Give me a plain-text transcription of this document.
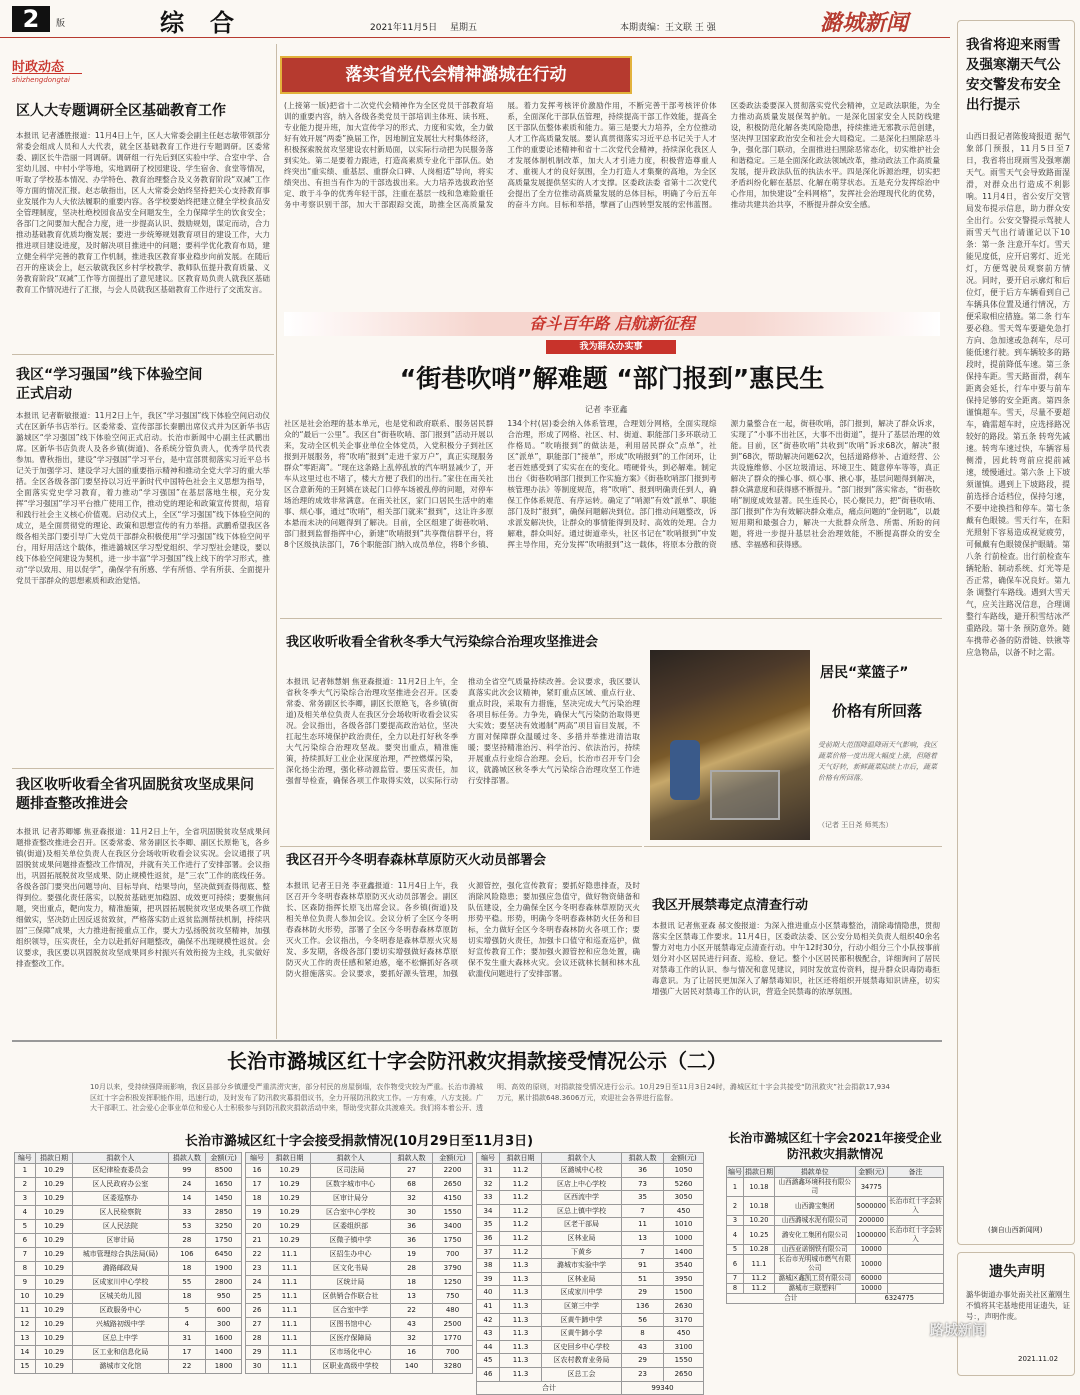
2	版	综合	2021年11月5日 星期五	本期责编：王文联 王 强	潞城新闻
时政动态
shizhengdongtai
区人大专题调研全区基础教育工作
本报讯 记者潘胜报道：11月4日上午，区人大常委会副主任赵志敏带领部分常委会组成人员和人大代表，就全区基础教育工作进行专题调研。区委常委、副区长牛浩丽一同调研。调研组一行先后到区实验中学、合室中学、合室幼儿园、中村小学等地，实地调研了校园建设、学生宿舍、食堂等情况，听取了学校基本情况、办学特色、教育治理整合及义务教育阶段“双减”工作等方面的情况汇报。赵志敏指出，区人大常委会始终坚持把关心支持教育事业发展作为人大依法履职的重要内容。各学校要始终把建立健全学校食品安全管理制度，坚决杜绝校园食品安全问题发生，全力保障学生的饮食安全；各部门之间要加大配合力度，进一步提高认识、鼓励规划，谋定而动，合力推动基础教育优质均衡发展；要进一步统筹规划教育项目的建设工作，大力推进项目建设进度，及时解决项目推进中的问题；要科学优化教育布局，建立健全科学完善的教育工作机制，推进我区教育事业稳步向前发展。在随后召开的座谈会上，赵云敏就我区乡村学校教学、教师队伍提升教育质量、义务教育阶段“双减”工作等方面提出了意见建议。区教育局负责人就我区基础教育工作情况进行了汇报，与会人员就我区基础教育工作进行了交流发言。
我区“学习强国”线下体验空间正式启动
本报讯 记者靳敏报道：11月2日上午，我区“学习强国”线下体验空间启动仪式在区新华书店举行。区委常委、宣传部部长秦鹏出席仪式并为区新华书店潞城区“学习强国”线下体验空间正式启动。长治市新闻中心副主任武鹏出席。区新华书店负责人及各乡镇(街道)、各系统分管负责人，优秀学员代表参加。曹秋指出，建设“学习强国”学习平台，是中宣部贯彻落实习近平总书记关于加强学习、建设学习大国的重要指示精神和推动全党大学习的重大举措。全区各级各部门要坚持以习近平新时代中国特色社会主义思想为指导，全面落实党史学习教育，着力推动“学习强国”在基层落地生根，充分发挥“学习强国”学习平台推广使用工作，推动党的理论和政策宣传贯彻，培育和践行社会主义核心价值观。启动仪式上，全区“学习强国”线下体验空间的成立，是全面贯彻党的理论、政策和思想宣传的有力举措。武鹏希望我区各级各相关部门要引导广大党员干部群众积极使用“学习强国”线下体验空间平台，用好用活这个载体，推进潞城区学习型党组织、学习型社会建设，要以线下体验空间建设为契机，进一步丰富“学习强国”线上线下的学习形式，推动“学以致用、用以促学”，确保学有所感、学有所悟、学有所获、全面提升党员干部群众的思想素质和政治觉悟。
我区收听收看全省巩固脱贫攻坚成果问题排查整改推进会
本报讯 记者苏卿娜 焦亚森报道：11月2日上午，全省巩固脱贫攻坚成果问题排查整改推进会召开。区委常委、常务副区长李卿、副区长原艳飞，各乡镇(街道)及相关单位负责人在我区分会场收听收看会议实况。会议通报了巩固脱贫成果问题排查整改工作情况，并就有关工作进行了安排部署。会议指出，巩固拓展脱贫攻坚成果、防止规模性返贫，是“三农”工作的底线任务。各级各部门要突出问题导向、目标导向、结果导向，坚决做到查得彻底、整得到位。要强化责任落实，以脱贫基础更加稳固、成效更可持续；要聚焦问题，突出重点，靶向发力，精准施策，把巩固拓展脱贫攻坚成果各项工作做细做实，坚决防止因反返贫致贫，严格落实防止返贫监测帮扶机制，持续巩固“三保障”成果，大力推进衔接重点工作，要大力弘扬脱贫攻坚精神，加强组织领导，压实责任，全力以赴抓好问题整改，确保不出现规模性返贫。会议要求，我区要以巩固脱贫攻坚成果同乡村振兴有效衔接为主线，扎实做好排查整改工作。
落实省党代会精神潞城在行动
(上接第一版)把省十二次党代会精神作为全区党员干部教育培训的重要内容，纳入各级各类党员干部培训主体班、读书班、专业能力提升班，加大宣传学习的形式、力度和实效，全力做好有效开展“两委”换届工作，因地制宜发展壮大村集体经济，积极探索脱贫攻坚建设农村新局面，以实际行动把为民服务落到实处。第二是要着力跟进，打造高素质专业化干部队伍。始终突出“重实绩、重基层、重群众口碑、人岗相适”导向，将实绩突出、有担当有作为的干部选拔出来。大力培养选拔政治坚定、敢于斗争的优秀年轻干部，注重在基层一线和急难险重任务中考察识别干部，加大干部跟踪交流，助推全区高质量发展。着力发挥考核评价激励作用，不断完善干部考核评价体系，全面深化干部队伍管理，持续提高干部工作效能，提高全区干部队伍整体素质和能力。第三是要大力培养，全方位推动人才工作高质量发展。要认真贯彻落实习近平总书记关于人才工作的重要论述精神和省十二次党代会精神，持续深化我区人才发展体制机制改革，加大人才引进力度，积极营造尊重人才、重视人才的良好氛围，全力打造人才集聚的高地，为全区高质量发展提供坚实的人才支撑。区委政法委 省第十二次党代会提出了全方位推动高质量发展的总体目标，明确了今后五年的奋斗方向。目标和举措，擘画了山西转型发展的宏伟蓝图。区委政法委要深入贯彻落实党代会精神，立足政法职能，为全力推动高质量发展保驾护航。一是深化国家安全人民防线建设，积极防范化解各类风险隐患，持续推进无邪教示范创建，坚决捍卫国家政治安全和社会大局稳定。二是深化扫黑除恶斗争，强化部门联动，全面推进扫黑除恶常态化，切实维护社会和谐稳定。三是全面深化政法领域改革，推动政法工作高质量发展，提升政法队伍的执法水平。四是深化诉源治理，切实把矛盾纠纷化解在基层、化解在萌芽状态。五是充分发挥综治中心作用，加快建设“全科网格”，发挥社会治理现代化的优势，推动共建共治共享，不断提升群众安全感。
奋斗百年路 启航新征程
我为群众办实事
“街巷吹哨”解难题 “部门报到”惠民生
记者 李亚鑫
社区是社会治理的基本单元，也是党和政府联系、服务居民群众的“最后一公里”。我区自“街巷吹哨、部门报到”活动开展以来，发动全区机关企事业单位全体党员，入党积极分子到社区报到开展服务，将“吹哨”报到“走进千家万户”，真正实现服务群众“零距离”。“现在这条路上乱停乱放的汽车明显减少了，开车从这里过也不堵了，楼大方便了我们的出行。”家住在南关社区合意新苑的王阿姨在谈起门口停车场被乱停的问题，对停车场治理的成效非常满意。在南关社区，家门口居民生活中的难事、烦心事，通过“吹哨”，相关部门就来“报到”，这让许多原本悬而未决的问题得到了解决。目前，全区组建了街巷吹哨、部门报到监督指挥中心，新建“吹哨报到”共享微信群平台，将8个区级执法部门，76个职能部门纳入成员单位，将8个乡镇、134个村(居)委会纳入体系管理，合理划分网格，全面实现综合治理，形成了网格、社区、村、街道、职能部门多环联动工作格局。“吹哨报到”的做法是，利用居民群众“点单”，社区“派单”，职能部门“接单”，形成“吹哨报到”的工作闭环，让老百姓感受到了实实在在的变化。啃硬骨头，到必解难。制定出台《街巷吹哨部门报到工作实施方案》《街巷吹哨部门报到考核管理办法》等制度规范，将“吹哨”、报到明确责任到人，确保工作体系规范、有序运转。确定了“哨源”有效“派单”、职能部门及时“报到”，确保问题解决到位。部门推动问题整改，诉求派发解决快，让群众的事情能得到及时、高效的处理。合力解难，群众叫好。通过街道牵头，社区书记在“吹哨报到”中发挥主导作用，充分发挥“吹哨报到”这一载体，将原本分散的资源力量整合在一起，街巷吹哨，部门报到，解决了群众诉求，实现了“小事不出社区，大事不出街道”，提升了基层治理的效能。目前，区“街巷吹哨”共收到“吹哨”诉求68次，解决“报到”68次，帮助解决问题62次，包括道路修补、占道经营、公共设施维修、小区垃圾清运、环境卫生、随意停车等等，真正解决了群众的操心事、烦心事、揪心事，基层问题得到解决，群众满意度和获得感不断提升。“部门报到”落实常态，“街巷吹哨”制度成效显著。民生连民心，民心聚民力，把“街巷吹哨、部门报到”作为有效解决群众难点，痛点问题的“金钥匙”，以最短用期和最强合力，解决一大批群众所急、所需、所盼的问题，将进一步提升基层社会治理效能，不断提高群众的安全感、幸福感和获得感。
我区收听收看全省秋冬季大气污染综合治理攻坚推进会
本报讯 记者韩慧娟 焦亚森报道：11月2日上午，全省秋冬季大气污染综合治理攻坚推进会召开。区委常委、常务副区长李卿，副区长原艳飞，各乡镇(街道)及相关单位负责人在我区分会场收听收看会议实况。会议指出，各级各部门要提高政治站位，坚决扛起生态环境保护政治责任，全力以赴打好秋冬季大气污染综合治理攻坚战。要突出重点，精准施策，持续抓好工业企业深度治理，严控燃煤污染，深化扬尘治理，强化移动源监管。要压实责任，加强督导检查，确保各项工作取得实效，以实际行动推动全省空气质量持续改善。会议要求，我区要认真落实此次会议精神，紧盯重点区域、重点行业、重点时段，采取有力措施，坚决完成大气污染治理各项目标任务。力争先，确保大气污染防治取得更大实效；要坚决有效遏制“两高”项目盲目发展，不方面对保障群众温暖过冬、多措并举推进清洁取暖；要坚持精准治污、科学治污、依法治污，持续开展重点行业综合治理。会后，长治市召开专门会议，就潞城区秋冬季大气污染综合治理攻坚工作进行安排部署。
我区召开今冬明春森林草原防灭火动员部署会
本报讯 记者王日尧 李亚鑫报道：11月4日上午，我区召开今冬明春森林草原防灭火动员部署会。副区长、区森防指挥长原飞出席会议。各乡镇(街道)及相关单位负责人参加会议。会议分析了全区今冬明春森林防火形势，部署了全区今冬明春森林草原防灭火工作。会议指出，今冬明春是森林草原火灾易发、多发期，各级各部门要切实增强做好森林草原防灭火工作的责任感和紧迫感，毫不松懈抓好各项防火措施落实。会议要求，要抓好源头管理，加强火源管控，强化宣传教育；要抓好隐患排查，及时消除风险隐患；要加强应急值守，做好物资储备和队伍建设，全力确保全区今冬明春森林草原防灭火形势平稳。形势，明确今冬明春森林防火任务和目标，全力做好全区今冬明春森林防火各项工作；要切实增强防火责任，加强卡口值守和巡查巡护，做好宣传教育工作；要加强火源管控和应急处置，确保不发生重大森林火灾。会议还就林长制和林木乱砍滥伐问题进行了安排部署。
居民“菜篮子”
价格有所回落
受前期大范围降温降雨天气影响，我区蔬菜价格一度出现大幅度上涨，但随着天气好转，新鲜蔬菜陆续上市后，蔬菜价格有所回落。
（记者 王日尧 师英杰）
我区开展禁毒定点清查行动
本报讯 记者焦亚森 郝文俊报道：为深入推进重点小区禁毒整治，清除毒情隐患，贯彻落实全区禁毒工作要求。11月4日，区委政法委、区公安分局相关负责人组织40余名警力对电力小区开展禁毒定点清查行动。中午12时30分，行动小组分三个小队按事前划分对小区居民进行问查、巡检、登记。整个小区居民都积极配合，详细询问了居民对禁毒工作的认识、参与情况和意见建议，同时发放宣传资料，提升群众识毒防毒拒毒意识。为了让居民更加深入了解禁毒知识，社区还将组织开展禁毒知识讲座，切实增强广大居民对禁毒工作的认识，营造全民禁毒的浓厚氛围。
长治市潞城区红十字会防汛救灾捐款接受情况公示（二）
10月以来，受持续强降雨影响，我区县部分乡镇遭受严重洪涝灾害，部分村民的房屋倒塌，农作物受灾较为严重。长治市潞城区红十字会积极发挥职能作用，迅速行动，及时发布了防汛救灾募捐倡议书，全力开展防汛救灾工作。一方有难，八方支援。广大干部职工、社会爱心企事业单位和爱心人士积极参与到防汛救灾捐款活动中来，帮助受灾群众共渡难关。我们将本着公开、透明、高效的原则，对捐款接受情况进行公示。10月29日至11月3日24时，潞城区红十字会共接受“防汛救灾”社会捐款17,934万元，累计捐款648.3606万元，欢迎社会各界进行监督。
长治市潞城区红十字会接受捐款情况(10月29日至11月3日)
编号	捐款日期	捐款个人	捐款人数	金额(元)
1	10.29	区纪律检查委员会	99	8500
2	10.29	区人民政府办公室	24	1650
3	10.29	区委巡察办	14	1450
4	10.29	区人民检察院	33	2850
5	10.29	区人民法院	53	3250
6	10.29	区审计局	28	1750
7	10.29	城市管理综合执法局(局)	106	6450
8	10.29	潞路邮政局	18	1900
9	10.29	区成家川中心学校	55	2800
10	10.29	区城关幼儿园	18	950
11	10.29	区政服务中心	5	600
12	10.29	兴城路初级中学	4	300
13	10.29	区总上中学	31	1600
14	10.29	区工业和信息化局	17	1400
15	10.29	潞城市文化馆	22	1800
编号	捐款日期	捐款个人	捐款人数	金额(元)
16	10.29	区司法局	27	2200
17	10.29	区数字城市中心	68	2650
18	10.29	区审计局分	32	4150
19	10.29	区合室中心学校	30	1550
20	10.29	区委组织部	36	3400
21	10.29	区微子镇中学	36	1750
22	11.1	区招生办中心	19	700
23	11.1	区文化书局	28	3790
24	11.1	区统计局	18	1250
25	11.1	区供销合作联合社	13	750
26	11.1	区合室中学	22	480
27	11.1	区图书馆中心	43	2500
28	11.1	区医疗保障局	32	1770
29	11.1	区市场化中心	16	700
30	11.1	区职业高级中学校	140	3280
编号	捐款日期	捐款个人	捐款人数	金额(元)
31	11.2	区潞城中心校	36	1050
32	11.2	区店上中心学校	73	5260
33	11.2	区西流中学	35	3050
34	11.2	区总上镇中学校	7	450
35	11.2	区老干部局	11	1010
36	11.2	区林业局	13	1000
37	11.2	下黄乡	7	1400
38	11.3	潞城市实验中学	91	3540
39	11.3	区林业局	51	3950
40	11.3	区成家川中学	29	1500
41	11.3	区第三中学	136	2630
42	11.3	区黄牛蹄中学	56	3170
43	11.3	区黄牛蹄小学	8	450
44	11.3	区史回乡中心学校	43	3100
45	11.3	区农村教育业务局	29	1550
46	11.3	区总工会	23	2650
合计			99340	
长治市潞城区红十字会2021年接受企业防汛救灾捐款情况
编号	捐款日期	捐款单位	金额(元)	备注
1	10.18	山西潞鑫环境科技有限公司	34775	
2	10.18	山西潞宝集团	5000000	长治市红十字会转入
3	10.20	山西潞城水泥有限公司	200000	
4	10.25	潞安化工集团有限公司	1000000	长治市红十字会转入
5	10.28	山西亚诺钢铁有限公司	10000	
6	11.1	长治市光明城市燃气有限公司	10000	
7	11.2	潞城区鑫凯工贸有限公司	60000	
8	11.2	潞城市三联塑料厂	10000	
合计			6324775	
我省将迎来雨雪及强寒潮天气公安交警发布安全出行提示
山西日报记者陈俊琦报道 据气象部门预报，11月5日至7日，我省将出现雨雪及强寒潮天气。雨雪天气会导致路面湿滑，对群众出行造成不利影响。11月4日，省公安厅交管局发布提示信息，助力群众安全出行。公安交警提示驾驶人雨雪天气出行请谨记以下10条：第一条 注意开车灯。雪天能见度低，应开启雾灯、近光灯，方便驾驶员观察前方情况。同时，要开启示廓灯和后位灯，便于后方车辆看到自己车辆具体位置及通行情况，方便采取相应措施。第二条 行车要必稳。雪天驾车要避免急打方向、急加速或急刹车，尽可能低速行驶。到车辆较多的路段时，提前降低车速。第三条 保持车距。雪天路面滑，刹车距离会延长，行车中要与前车保持足够的安全距离。第四条 谨慎超车。雪天，尽量不要超车，确需超车时，应选择路况较好的路段。第五条 转弯先减速。转弯车速过快，车辆容易侧滑，因此转弯前应提前减速，缓慢通过。第六条 上下坡须谨慎。遇到上下坡路段，提前选择合适档位，保持匀速，不要中途换挡和停车。第七条 戴有色眼镜。雪天行车，在阳光照射下容易造成视觉疲劳，可佩戴有色眼镜保护眼睛。第八条 行前检查。出行前检查车辆轮胎、制动系统、灯光等是否正常，确保车况良好。第九条 调整行车路线。遇到大雪天气，应关注路况信息，合理调整行车路线，避开积雪结冰严重路段。第十条 预防意外。随车携带必备的防滑链、铁锹等应急物品，以备不时之需。
(摘自山西新闻网)
遗失声明
潞华街道办事处南关社区董刚生不慎将其宅基地使用证遗失，证号：，声明作废。
2021.11.02
路城新闻
